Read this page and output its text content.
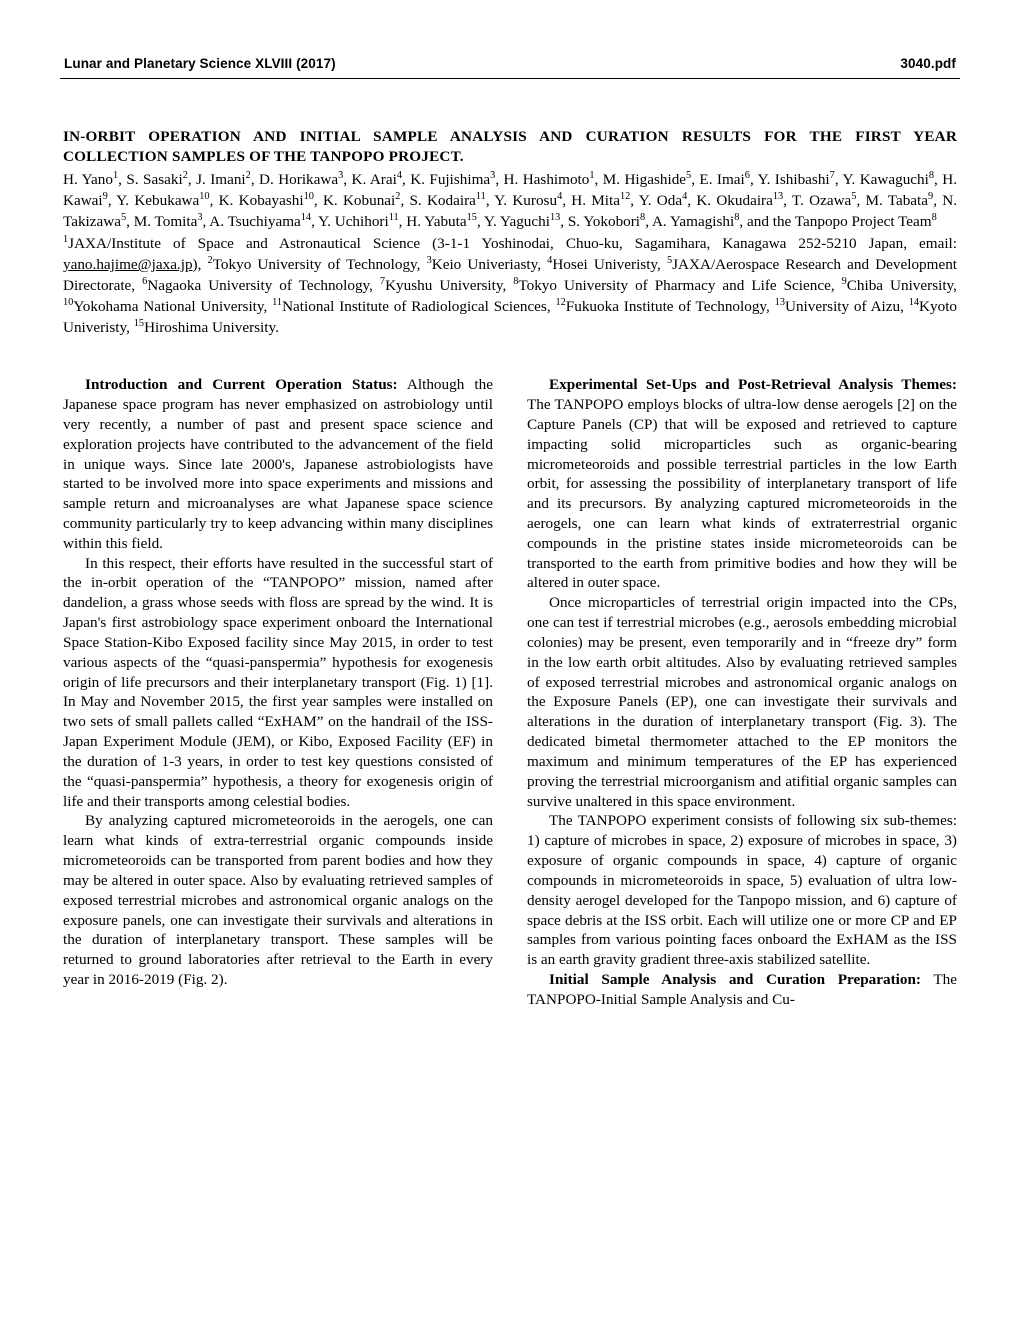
Lunar and Planetary Science XLVIII (2017)	3040.pdf
IN-ORBIT OPERATION AND INITIAL SAMPLE ANALYSIS AND CURATION RESULTS FOR THE FIRST YEAR COLLECTION SAMPLES OF THE TANPOPO PROJECT.
H. Yano$^1$, S. Sasaki$^2$, J. Imani$^2$, D. Horikawa$^3$, K. Arai$^4$, K. Fujishima$^3$, H. Hashimoto$^1$, M. Higashide$^5$, E. Imai$^6$, Y. Ishibashi$^7$, Y. Kawaguchi$^8$, H. Kawai$^9$, Y. Kebukawa$^{10}$, K. Kobayashi$^{10}$, K. Kobunai$^2$, S. Kodaira$^{11}$, Y. Kurosu$^4$, H. Mita$^{12}$, Y. Oda$^4$, K. Okudaira$^{13}$, T. Ozawa$^5$, M. Tabata$^9$, N. Takizawa$^5$, M. Tomita$^3$, A. Tsuchiyama$^{14}$, Y. Uchihori$^{11}$, H. Yabuta$^{15}$, Y. Yaguchi$^{13}$, S. Yokobori$^8$, A. Yamagishi$^8$, and the Tanpopo Project Team$^8$
$^1$JAXA/Institute of Space and Astronautical Science (3-1-1 Yoshinodai, Chuo-ku, Sagamihara, Kanagawa 252-5210 Japan, email: yano.hajime@jaxa.jp), $^2$Tokyo University of Technology, $^3$Keio Univeriasty, $^4$Hosei Univeristy, $^5$JAXA/Aerospace Research and Development Directorate, $^6$Nagaoka University of Technology, $^7$Kyushu University, $^8$Tokyo University of Pharmacy and Life Science, $^9$Chiba University, $^{10}$Yokohama National University, $^{11}$National Institute of Radiological Sciences, $^{12}$Fukuoka Institute of Technology, $^{13}$University of Aizu, $^{14}$Kyoto Univeristy, $^{15}$Hiroshima University.

Introduction and Current Operation Status: Although the Japanese space program has never emphasized on astrobiology until very recently, a number of past and present space science and exploration projects have contributed to the advancement of the field in unique ways. Since late 2000's, Japanese astrobiologists have started to be involved more into space experiments and missions and sample return and microanalyses are what Japanese space science community particularly try to keep advancing within many disciplines within this field.

In this respect, their efforts have resulted in the successful start of the in-orbit operation of the “TANPOPO” mission, named after dandelion, a grass whose seeds with floss are spread by the wind. It is Japan's first astrobiology space experiment onboard the International Space Station-Kibo Exposed facility since May 2015, in order to test various aspects of the “quasi-panspermia” hypothesis for exogenesis origin of life precursors and their interplanetary transport (Fig. 1) [1]. In May and November 2015, the first year samples were installed on two sets of small pallets called “ExHAM” on the handrail of the ISS-Japan Experiment Module (JEM), or Kibo, Exposed Facility (EF) in the duration of 1-3 years, in order to test key questions consisted of the “quasi-panspermia” hypothesis, a theory for exogenesis origin of life and their transports among celestial bodies.

By analyzing captured micrometeoroids in the aerogels, one can learn what kinds of extra-terrestrial organic compounds inside micrometeoroids can be transported from parent bodies and how they may be altered in outer space. Also by evaluating retrieved samples of exposed terrestrial microbes and astronomical organic analogs on the exposure panels, one can investigate their survivals and alterations in the duration of interplanetary transport. These samples will be returned to ground laboratories after retrieval to the Earth in every year in 2016-2019 (Fig. 2).

Experimental Set-Ups and Post-Retrieval Analysis Themes: The TANPOPO employs blocks of ultra-low dense aerogels [2] on the Capture Panels (CP) that will be exposed and retrieved to capture impacting solid microparticles such as organic-bearing micrometeoroids and possible terrestrial particles in the low Earth orbit, for assessing the possibility of interplanetary transport of life and its precursors. By analyzing captured micrometeoroids in the aerogels, one can learn what kinds of extraterrestrial organic compounds in the pristine states inside micrometeoroids can be transported to the earth from primitive bodies and how they will be altered in outer space.

Once microparticles of terrestrial origin impacted into the CPs, one can test if terrestrial microbes (e.g., aerosols embedding microbial colonies) may be present, even temporarily and in “freeze dry” form in the low earth orbit altitudes. Also by evaluating retrieved samples of exposed terrestrial microbes and astronomical organic analogs on the Exposure Panels (EP), one can investigate their survivals and alterations in the duration of interplanetary transport (Fig. 3). The dedicated bimetal thermometer attached to the EP monitors the maximum and minimum temperatures of the EP has experienced proving the terrestrial microorganism and atifitial organic samples can survive unaltered in this space environment.

The TANPOPO experiment consists of following six sub-themes: 1) capture of microbes in space, 2) exposure of microbes in space, 3) exposure of organic compounds in space, 4) capture of organic compounds in micrometeoroids in space, 5) evaluation of ultra low-density aerogel developed for the Tanpopo mission, and 6) capture of space debris at the ISS orbit. Each will utilize one or more CP and EP samples from various pointing faces onboard the ExHAM as the ISS is an earth gravity gradient three-axis stabilized satellite.

Initial Sample Analysis and Curation Preparation: The TANPOPO-Initial Sample Analysis and Cu-
